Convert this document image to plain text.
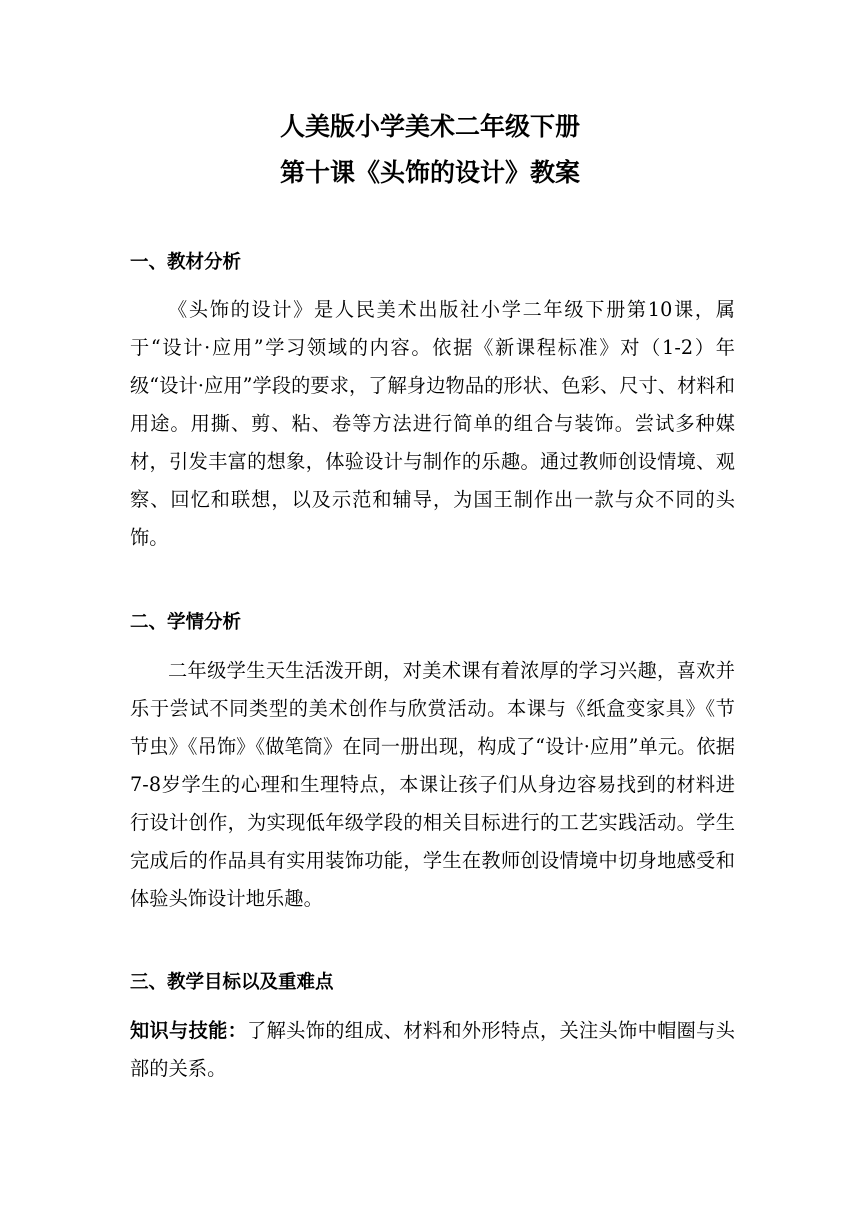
人美版小学美术二年级下册
第十课《头饰的设计》教案
一、教材分析

《头饰的设计》是人民美术出版社小学二年级下册第10课，属于“设计·应用”学习领域的内容。依据《新课程标准》对（1-2）年级“设计·应用”学段的要求，了解身边物品的形状、色彩、尺寸、材料和用途。用撕、剪、粘、卷等方法进行简单的组合与装饰。尝试多种媒材，引发丰富的想象，体验设计与制作的乐趣。通过教师创设情境、观察、回忆和联想，以及示范和辅导，为国王制作出一款与众不同的头饰。

二、学情分析

二年级学生天生活泼开朗，对美术课有着浓厚的学习兴趣，喜欢并乐于尝试不同类型的美术创作与欣赏活动。本课与《纸盒变家具》《节节虫》《吊饰》《做笔筒》在同一册出现，构成了“设计·应用”单元。依据7-8岁学生的心理和生理特点，本课让孩子们从身边容易找到的材料进行设计创作，为实现低年级学段的相关目标进行的工艺实践活动。学生完成后的作品具有实用装饰功能，学生在教师创设情境中切身地感受和体验头饰设计地乐趣。

三、教学目标以及重难点

知识与技能：了解头饰的组成、材料和外形特点，关注头饰中帽圈与头部的关系。
